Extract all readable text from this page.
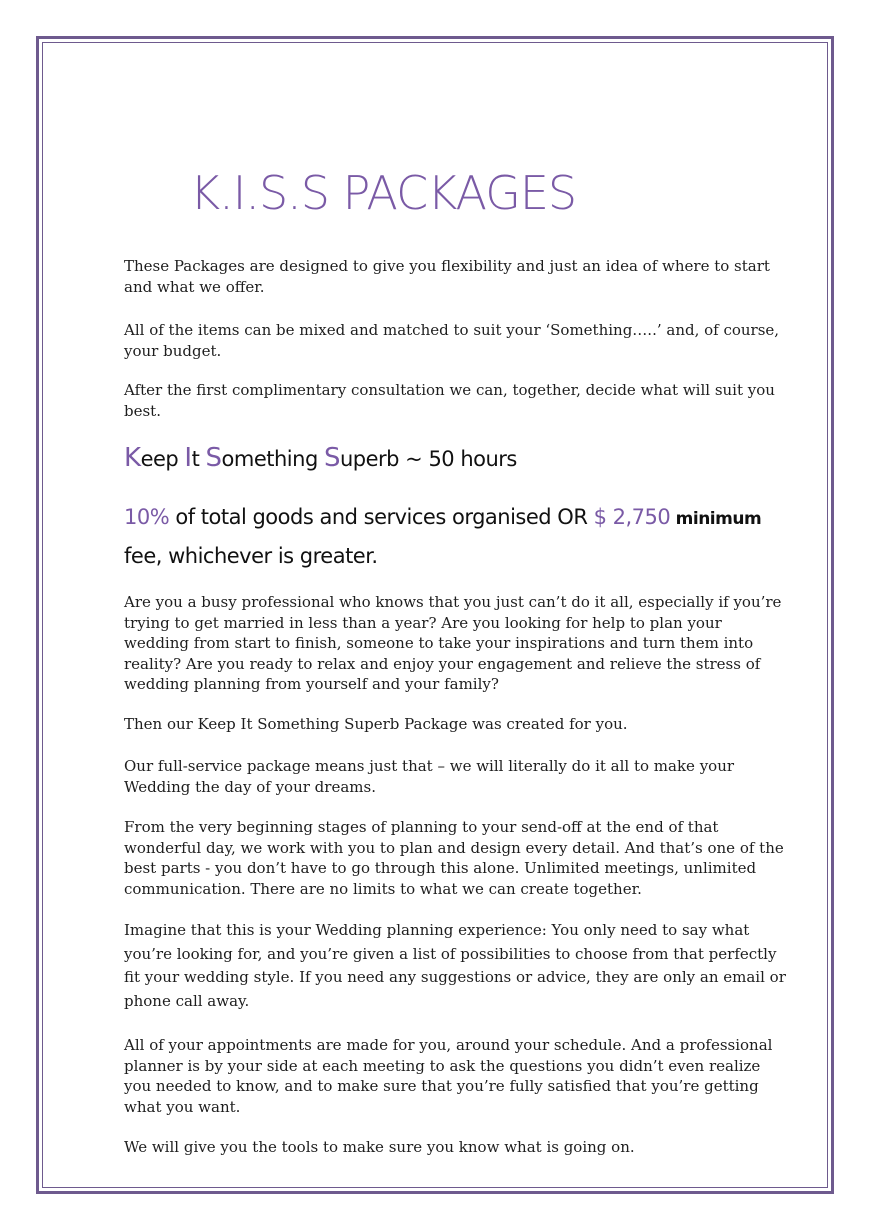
K.I.S.S PACKAGES

These Packages are designed to give you flexibility and just an idea of where to start and what we offer.

All of the items can be mixed and matched to suit your ‘Something…..’ and, of course, your budget.

After the first complimentary consultation we can, together, decide what will suit you best.

Keep It Something Superb ~ 50 hours
10% of total goods and services organised OR $ 2,750 minimum
fee, whichever is greater.

Are you a busy professional who knows that you just can’t do it all, especially if you’re trying to get married in less than a year? Are you looking for help to plan your wedding from start to finish, someone to take your inspirations and turn them into reality? Are you ready to relax and enjoy your engagement and relieve the stress of wedding planning from yourself and your family?

Then our Keep It Something Superb Package was created for you.

Our full-service package means just that – we will literally do it all to make your Wedding the day of your dreams.

From the very beginning stages of planning to your send-off at the end of that wonderful day, we work with you to plan and design every detail. And that’s one of the best parts - you don’t have to go through this alone. Unlimited meetings, unlimited communication. There are no limits to what we can create together.

Imagine that this is your Wedding planning experience: You only need to say what you’re looking for, and you’re given a list of possibilities to choose from that perfectly fit your wedding style. If you need any suggestions or advice, they are only an email or phone call away.

All of your appointments are made for you, around your schedule. And a professional planner is by your side at each meeting to ask the questions you didn’t even realize you needed to know, and to make sure that you’re fully satisfied that you’re getting what you want.

We will give you the tools to make sure you know what is going on.
